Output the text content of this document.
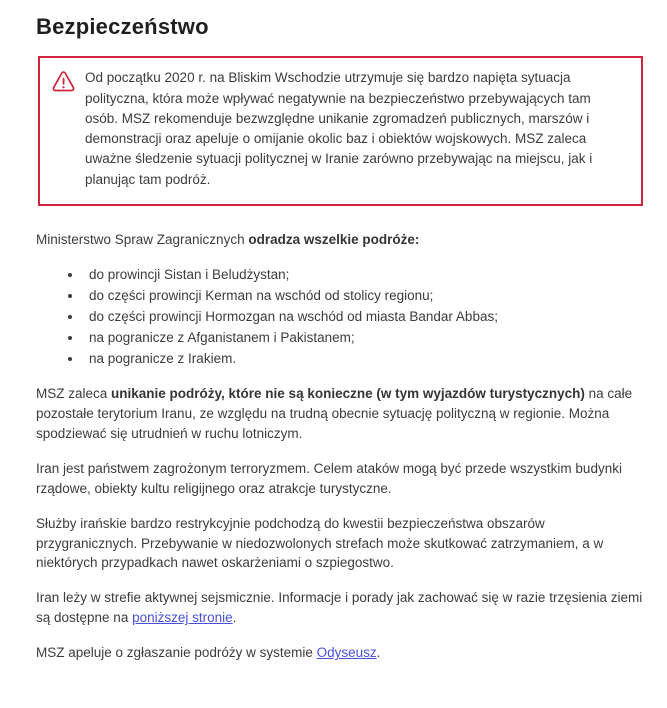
Bezpieczeństwo

Od początku 2020 r. na Bliskim Wschodzie utrzymuje się bardzo napięta sytuacja polityczna, która może wpływać negatywnie na bezpieczeństwo przebywających tam osób. MSZ rekomenduje bezwzględne unikanie zgromadzeń publicznych, marszów i demonstracji oraz apeluje o omijanie okolic baz i obiektów wojskowych. MSZ zaleca uważne śledzenie sytuacji politycznej w Iranie zarówno przebywając na miejscu, jak i planując tam podróż.

Ministerstwo Spraw Zagranicznych odradza wszelkie podróże:

• do prowincji Sistan i Beludżystan;
• do części prowincji Kerman na wschód od stolicy regionu;
• do części prowincji Hormozgan na wschód od miasta Bandar Abbas;
• na pogranicze z Afganistanem i Pakistanem;
• na pogranicze z Irakiem.

MSZ zaleca unikanie podróży, które nie są konieczne (w tym wyjazdów turystycznych) na całe pozostałe terytorium Iranu, ze względu na trudną obecnie sytuację polityczną w regionie. Można spodziewać się utrudnień w ruchu lotniczym.

Iran jest państwem zagrożonym terroryzmem. Celem ataków mogą być przede wszystkim budynki rządowe, obiekty kultu religijnego oraz atrakcje turystyczne.

Służby irańskie bardzo restrykcyjnie podchodzą do kwestii bezpieczeństwa obszarów przygranicznych. Przebywanie w niedozwolonych strefach może skutkować zatrzymaniem, a w niektórych przypadkach nawet oskarżeniami o szpiegostwo.

Iran leży w strefie aktywnej sejsmicznie. Informacje i porady jak zachować się w razie trzęsienia ziemi są dostępne na poniższej stronie.

MSZ apeluje o zgłaszanie podróży w systemie Odyseusz.
